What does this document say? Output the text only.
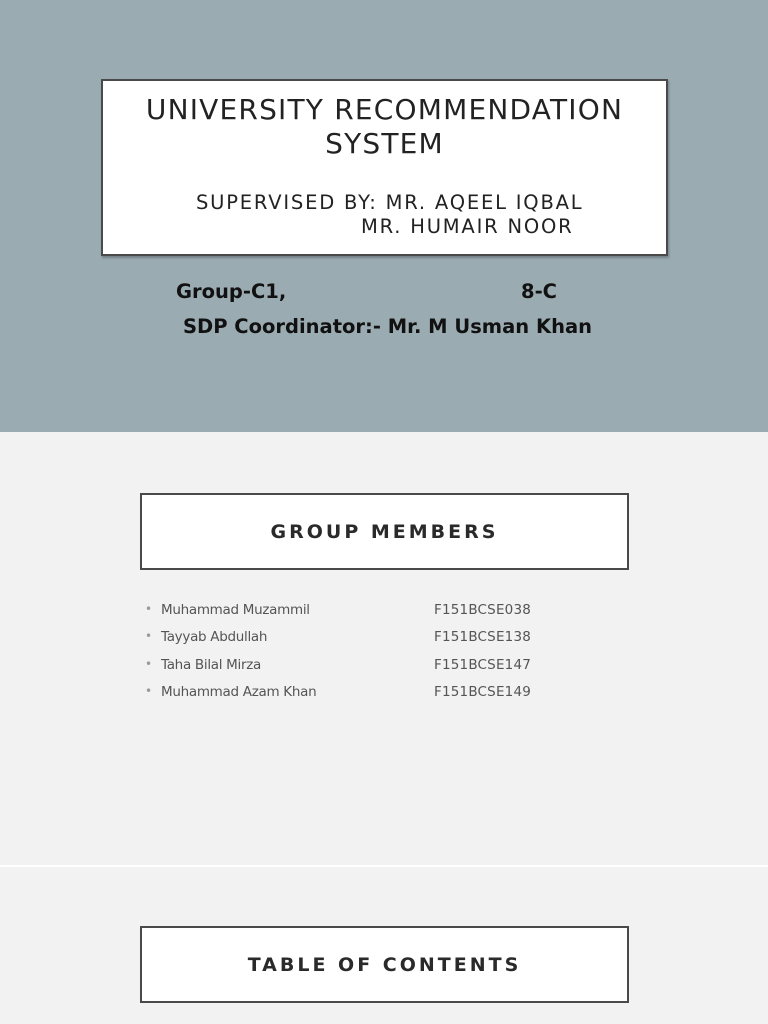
UNIVERSITY RECOMMENDATION SYSTEM
SUPERVISED BY: MR. AQEEL IQBAL
MR. HUMAIR NOOR
Group-C1,	8-C
SDP Coordinator:- Mr. M Usman Khan
GROUP MEMBERS
• Muhammad Muzammil	F151BCSE038
• Tayyab Abdullah	F151BCSE138
• Taha Bilal Mirza	F151BCSE147
• Muhammad Azam Khan	F151BCSE149
TABLE OF CONTENTS
